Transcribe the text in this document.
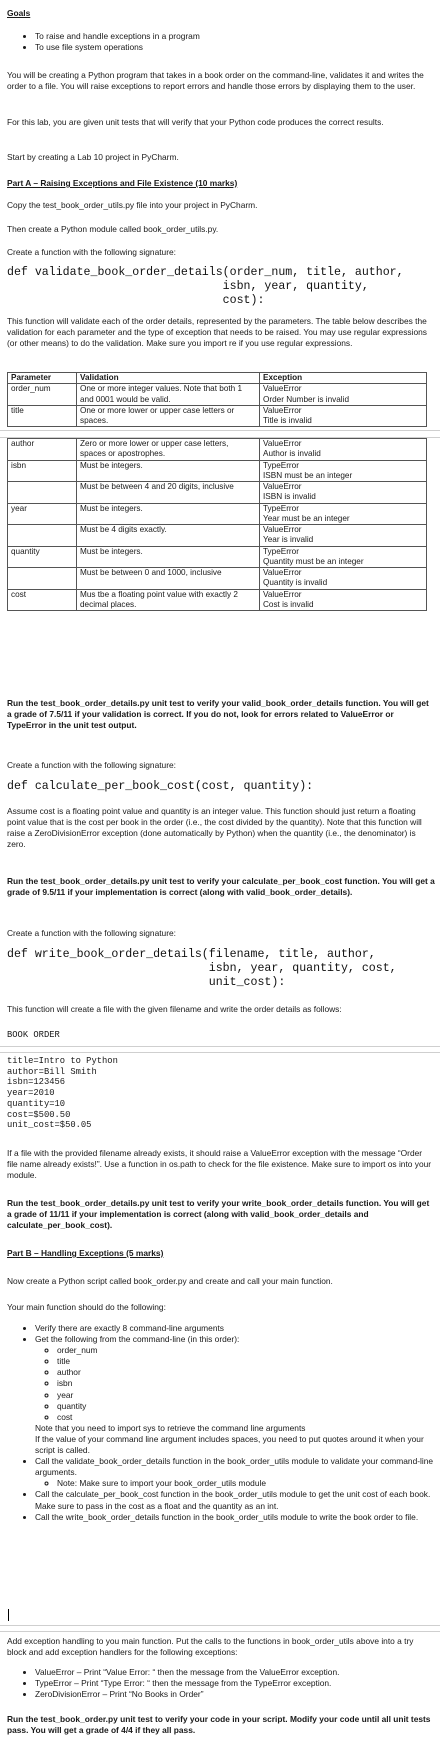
Goals

• To raise and handle exceptions in a program
• To use file system operations

You will be creating a Python program that takes in a book order on the command-line, validates it and writes the order to a file. You will raise exceptions to report errors and handle those errors by displaying them to the user.

For this lab, you are given unit tests that will verify that your Python code produces the correct results.

Start by creating a Lab 10 project in PyCharm.

Part A – Raising Exceptions and File Existence (10 marks)

Copy the test_book_order_utils.py file into your project in PyCharm.

Then create a Python module called book_order_utils.py.

Create a function with the following signature:

def validate_book_order_details(order_num, title, author,
isbn, year, quantity,
cost):

This function will validate each of the order details, represented by the parameters. The table below describes the validation for each parameter and the type of exception that needs to be raised. You may use regular expressions (or other means) to do the validation. Make sure you import re if you use regular expressions.

Parameter	Validation	Exception
order_num	One or more integer values. Note that both 1 and 0001 would be valid.	ValueError
Order Number is invalid

title	One or more lower or upper case letters or spaces.	ValueError
Title is invalid
author	Zero or more lower or upper case letters, spaces or apostrophes.	ValueError
Author is invalid

isbn	Must be integers.	TypeError
ISBN must be an integer

	Must be between 4 and 20 digits, inclusive	ValueError
ISBN is invalid

year	Must be integers.	TypeError
Year must be an integer

	Must be 4 digits exactly.	ValueError
Year is invalid

quantity	Must be integers.	TypeError
Quantity must be an integer

	Must be between 0 and 1000, inclusive	ValueError
Quantity is invalid

cost	Mus tbe a floating point value with exactly 2 decimal places.	ValueError
Cost is invalid

Run the test_book_order_details.py unit test to verify your valid_book_order_details function. You will get a grade of 7.5/11 if your validation is correct. If you do not, look for errors related to ValueError or TypeError in the unit test output.

Create a function with the following signature:

def calculate_per_book_cost(cost, quantity):

Assume cost is a floating point value and quantity is an integer value. This function should just return a floating point value that is the cost per book in the order (i.e., the cost divided by the quantity). Note that this function will raise a ZeroDivisionError exception (done automatically by Python) when the quantity (i.e., the denominator) is zero.

Run the test_book_order_details.py unit test to verify your calculate_per_book_cost function. You will get a grade of 9.5/11 if your implementation is correct (along with valid_book_order_details).

Create a function with the following signature:

def write_book_order_details(filename, title, author,
isbn, year, quantity, cost,
unit_cost):

This function will create a file with the given filename and write the order details as follows:

BOOK ORDER
title=Intro to Python
author=Bill Smith
isbn=123456
year=2010
quantity=10
cost=$500.50
unit_cost=$50.05

If a file with the provided filename already exists, it should raise a ValueError exception with the message “Order file name already exists!”. Use a function in os.path to check for the file existence. Make sure to import os into your module.

Run the test_book_order_details.py unit test to verify your write_book_order_details function. You will get a grade of 11/11 if your implementation is correct (along with valid_book_order_details and calculate_per_book_cost).

Part B – Handling Exceptions (5 marks)

Now create a Python script called book_order.py and create and call your main function.

Your main function should do the following:

• Verify there are exactly 8 command-line arguments
• Get the following from the command-line (in this order):
◦ order_num
◦ title
◦ author
◦ isbn
◦ year
◦ quantity
◦ cost

Note that you need to import sys to retrieve the command line arguments

If the value of your command line argument includes spaces, you need to put quotes around it when your script is called.

• Call the validate_book_order_details function in the book_order_utils module to validate your command-line arguments.
◦ Note: Make sure to import your book_order_utils module
• Call the calculate_per_book_cost function in the book_order_utils module to get the unit cost of each book. Make sure to pass in the cost as a float and the quantity as an int.
• Call the write_book_order_details function in the book_order_utils module to write the book order to file.

Add exception handling to you main function. Put the calls to the functions in book_order_utils above into a try block and add exception handlers for the following exceptions:

• ValueError – Print “Value Error: “ then the message from the ValueError exception.
• TypeError – Print “Type Error: “ then the message from the TypeError exception.
• ZeroDivisionError – Print “No Books in Order”

Run the test_book_order.py unit test to verify your code in your script. Modify your code until all unit tests pass. You will get a grade of 4/4 if they all pass.
